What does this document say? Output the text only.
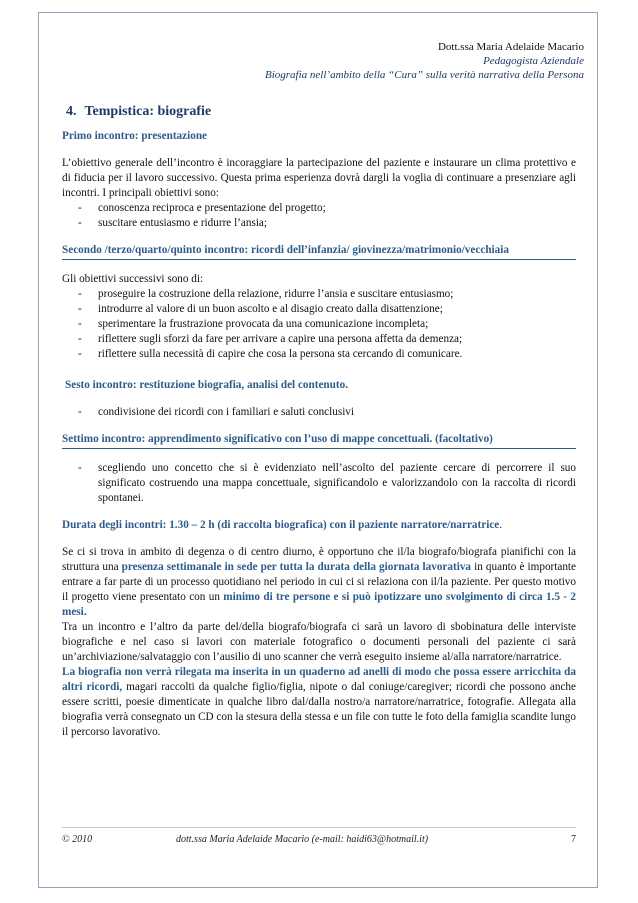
Dott.ssa Maria Adelaide Macario
Pedagogista Aziendale
Biografia nell’ambito della “Cura” sulla verità narrativa della Persona
4. Tempistica: biografie
Primo incontro: presentazione

L’obiettivo generale dell’incontro è incoraggiare la partecipazione del paziente e instaurare un clima protettivo e di fiducia per il lavoro successivo. Questa prima esperienza dovrà dargli la voglia di continuare a presenziare agli incontri. I principali obiettivi sono:

- conoscenza reciproca e presentazione del progetto;
- suscitare entusiasmo e ridurre l’ansia;
Secondo /terzo/quarto/quinto incontro: ricordi dell’infanzia/ giovinezza/matrimonio/vecchiaia

Gli obiettivi successivi sono di:

- proseguire la costruzione della relazione, ridurre l’ansia e suscitare entusiasmo;
- introdurre al valore di un buon ascolto e al disagio creato dalla disattenzione;
- sperimentare la frustrazione provocata da una comunicazione incompleta;
- riflettere sugli sforzi da fare per arrivare a capire una persona affetta da demenza;
- riflettere sulla necessità di capire che cosa la persona sta cercando di comunicare.
Sesto incontro: restituzione biografia, analisi del contenuto.
- condivisione dei ricordi con i familiari e saluti conclusivi
Settimo incontro: apprendimento significativo con l’uso di mappe concettuali. (facoltativo)
- scegliendo uno concetto che si è evidenziato nell’ascolto del paziente cercare di percorrere il suo significato costruendo una mappa concettuale, significandolo e valorizzandolo con la raccolta di ricordi spontanei.
Durata degli incontri: 1.30 – 2 h (di raccolta biografica) con il paziente narratore/narratrice.

Se ci si trova in ambito di degenza o di centro diurno, è opportuno che il/la biografo/biografa pianifichi con la struttura una presenza settimanale in sede per tutta la durata della giornata lavorativa in quanto è importante entrare a far parte di un processo quotidiano nel periodo in cui ci si relaziona con il/la paziente. Per questo motivo il progetto viene presentato con un minimo di tre persone e si può ipotizzare uno svolgimento di circa 1.5 - 2 mesi.

Tra un incontro e l’altro da parte del/della biografo/biografa ci sarà un lavoro di sbobinatura delle interviste biografiche e nel caso si lavori con materiale fotografico o documenti personali del paziente ci sarà un’archiviazione/salvataggio con l’ausilio di uno scanner che verrà eseguito insieme al/alla narratore/narratrice.

La biografia non verrà rilegata ma inserita in un quaderno ad anelli di modo che possa essere arricchita da altri ricordi, magari raccolti da qualche figlio/figlia, nipote o dal coniuge/caregiver; ricordi che possono anche essere scritti, poesie dimenticate in qualche libro dal/dalla nostro/a narratore/narratrice, fotografie. Allegata alla biografia verrà consegnato un CD con la stesura della stessa e un file con tutte le foto della famiglia scandite lungo il percorso lavorativo.

© 2010	dott.ssa Maria Adelaide Macario (e-mail: haidi63@hotmail.it)	7
